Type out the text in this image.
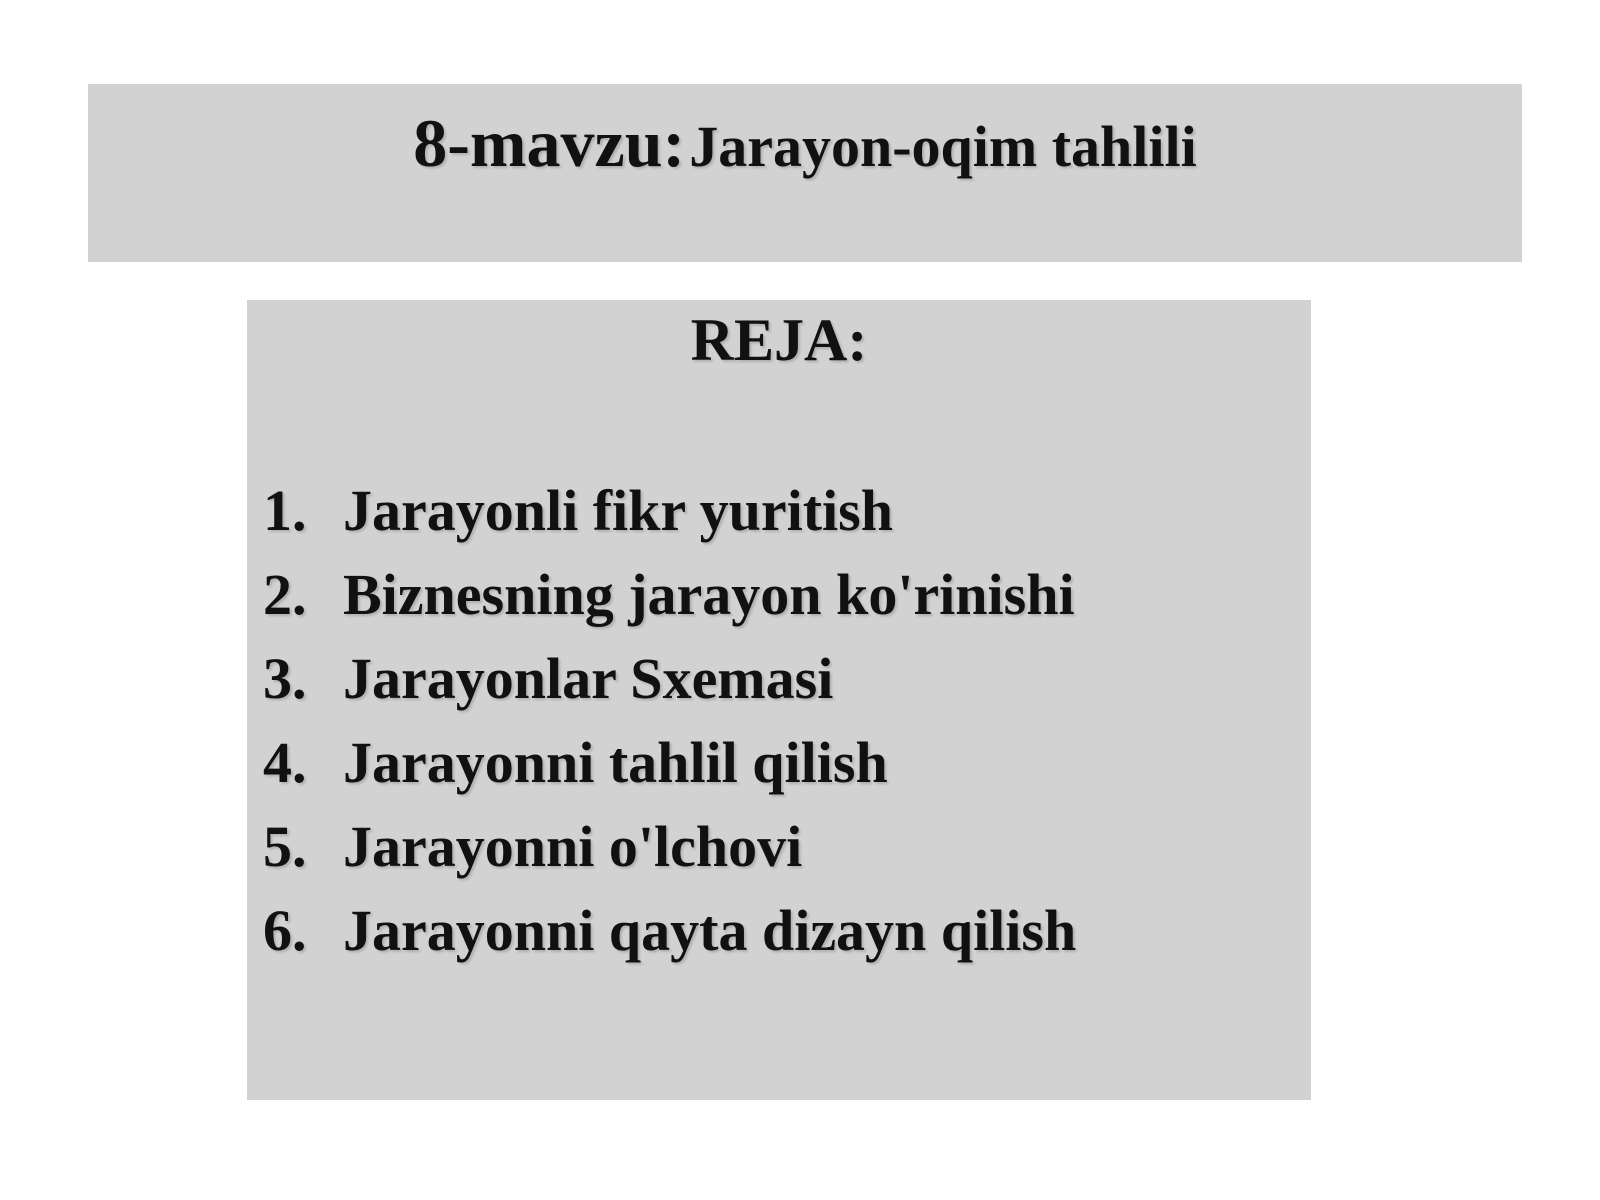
8-mavzu: Jarayon-oqim tahlili
REJA:
1. Jarayonli fikr yuritish
2. Biznesning jarayon ko'rinishi
3. Jarayonlar Sxemasi
4. Jarayonni tahlil qilish
5. Jarayonni o'lchovi
6. Jarayonni qayta dizayn qilish
